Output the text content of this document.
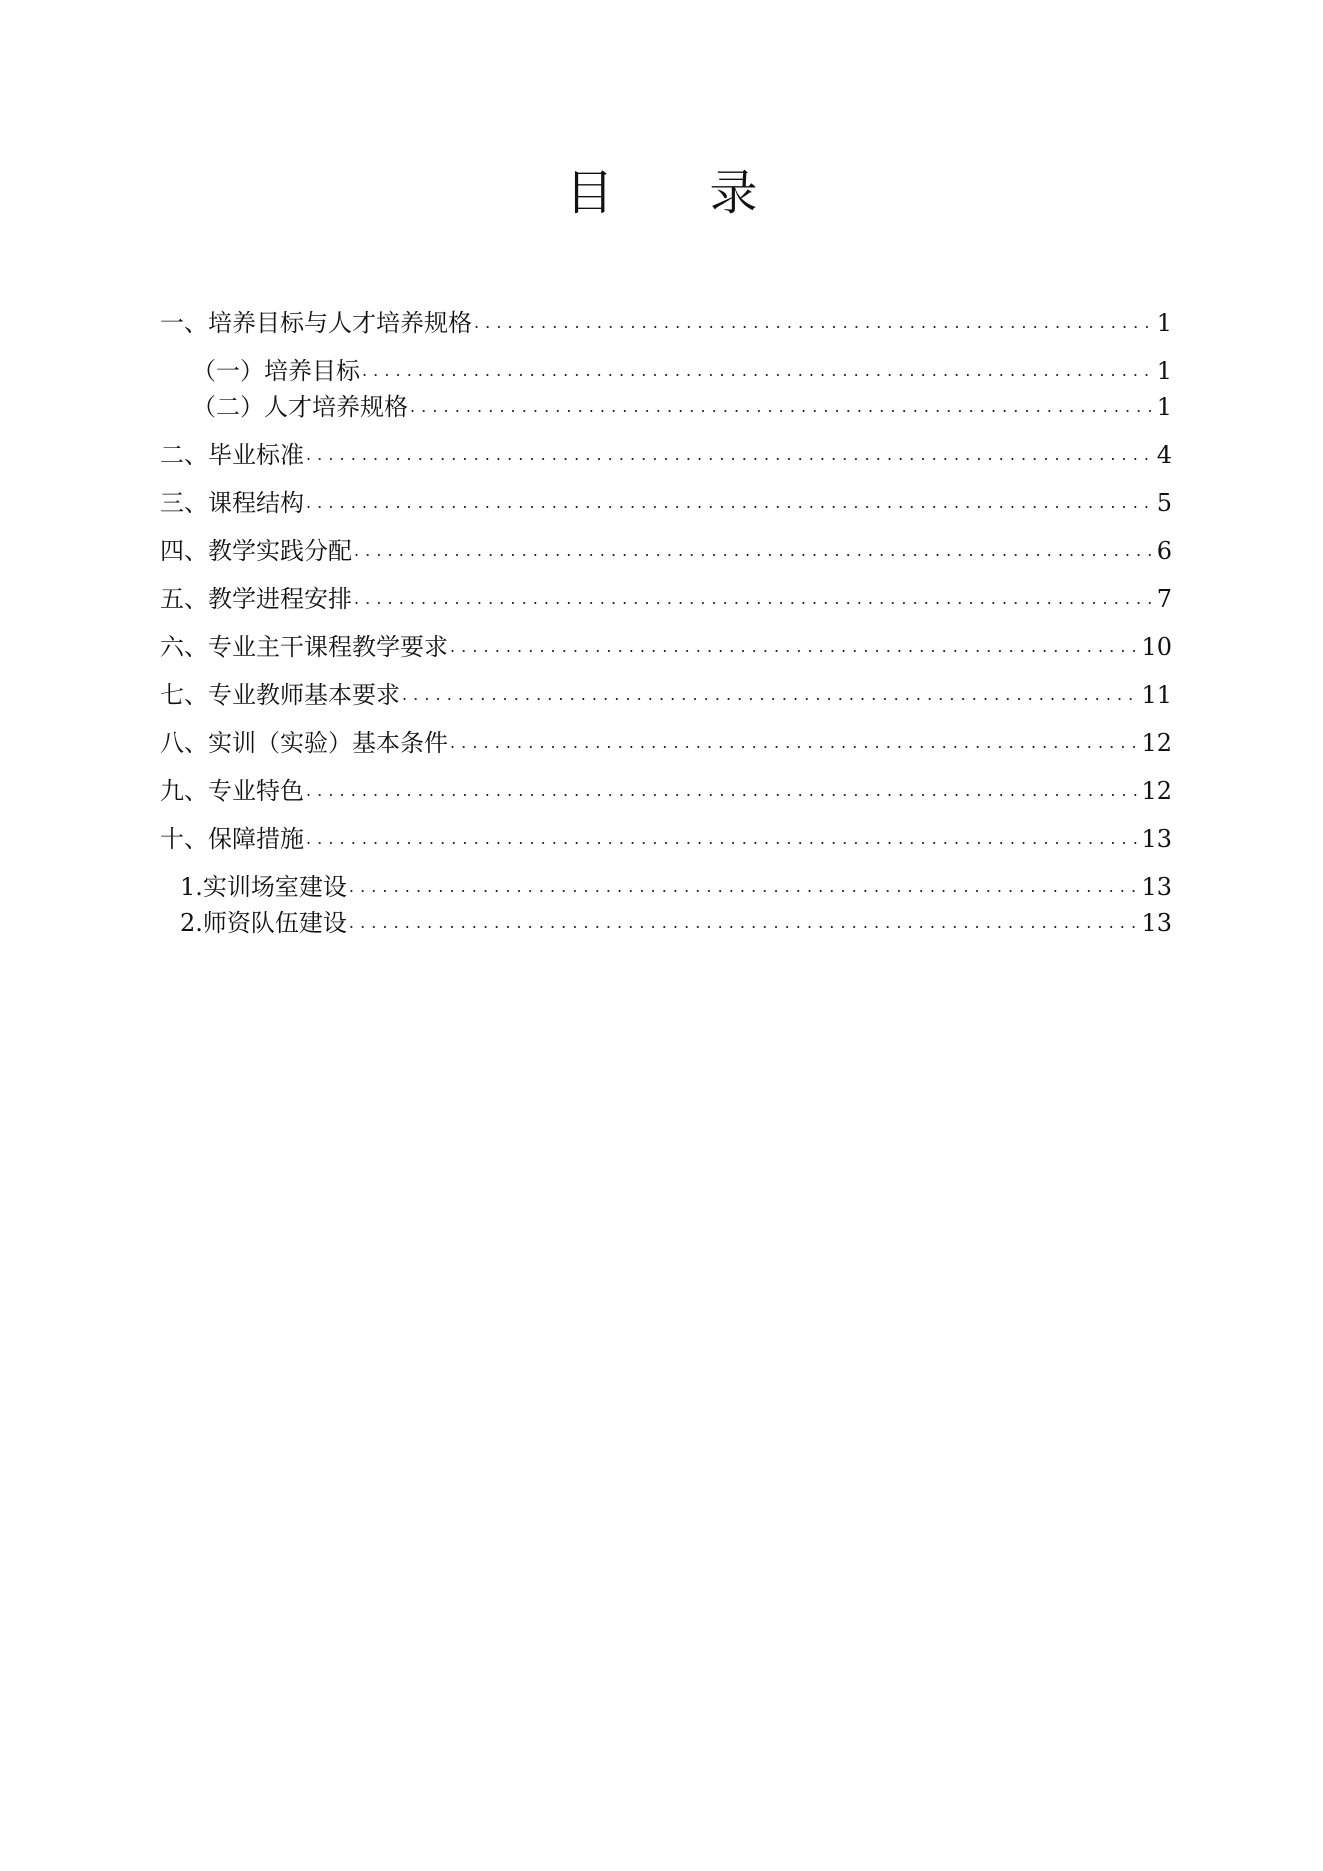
目 录
一、培养目标与人才培养规格 . . .	1
（一）培养目标 . . .	1
（二）人才培养规格 . . .	1
二、毕业标准 . . .	4
三、课程结构 . . .	5
四、教学实践分配 . . .	6
五、教学进程安排 . . .	7
六、专业主干课程教学要求 . . .	10
七、专业教师基本要求 . . .	11
八、实训（实验）基本条件 . . .	12
九、专业特色 . . .	12
十、保障措施 . . .	13
1.实训场室建设 . . .	13
2.师资队伍建设 . . .	13
